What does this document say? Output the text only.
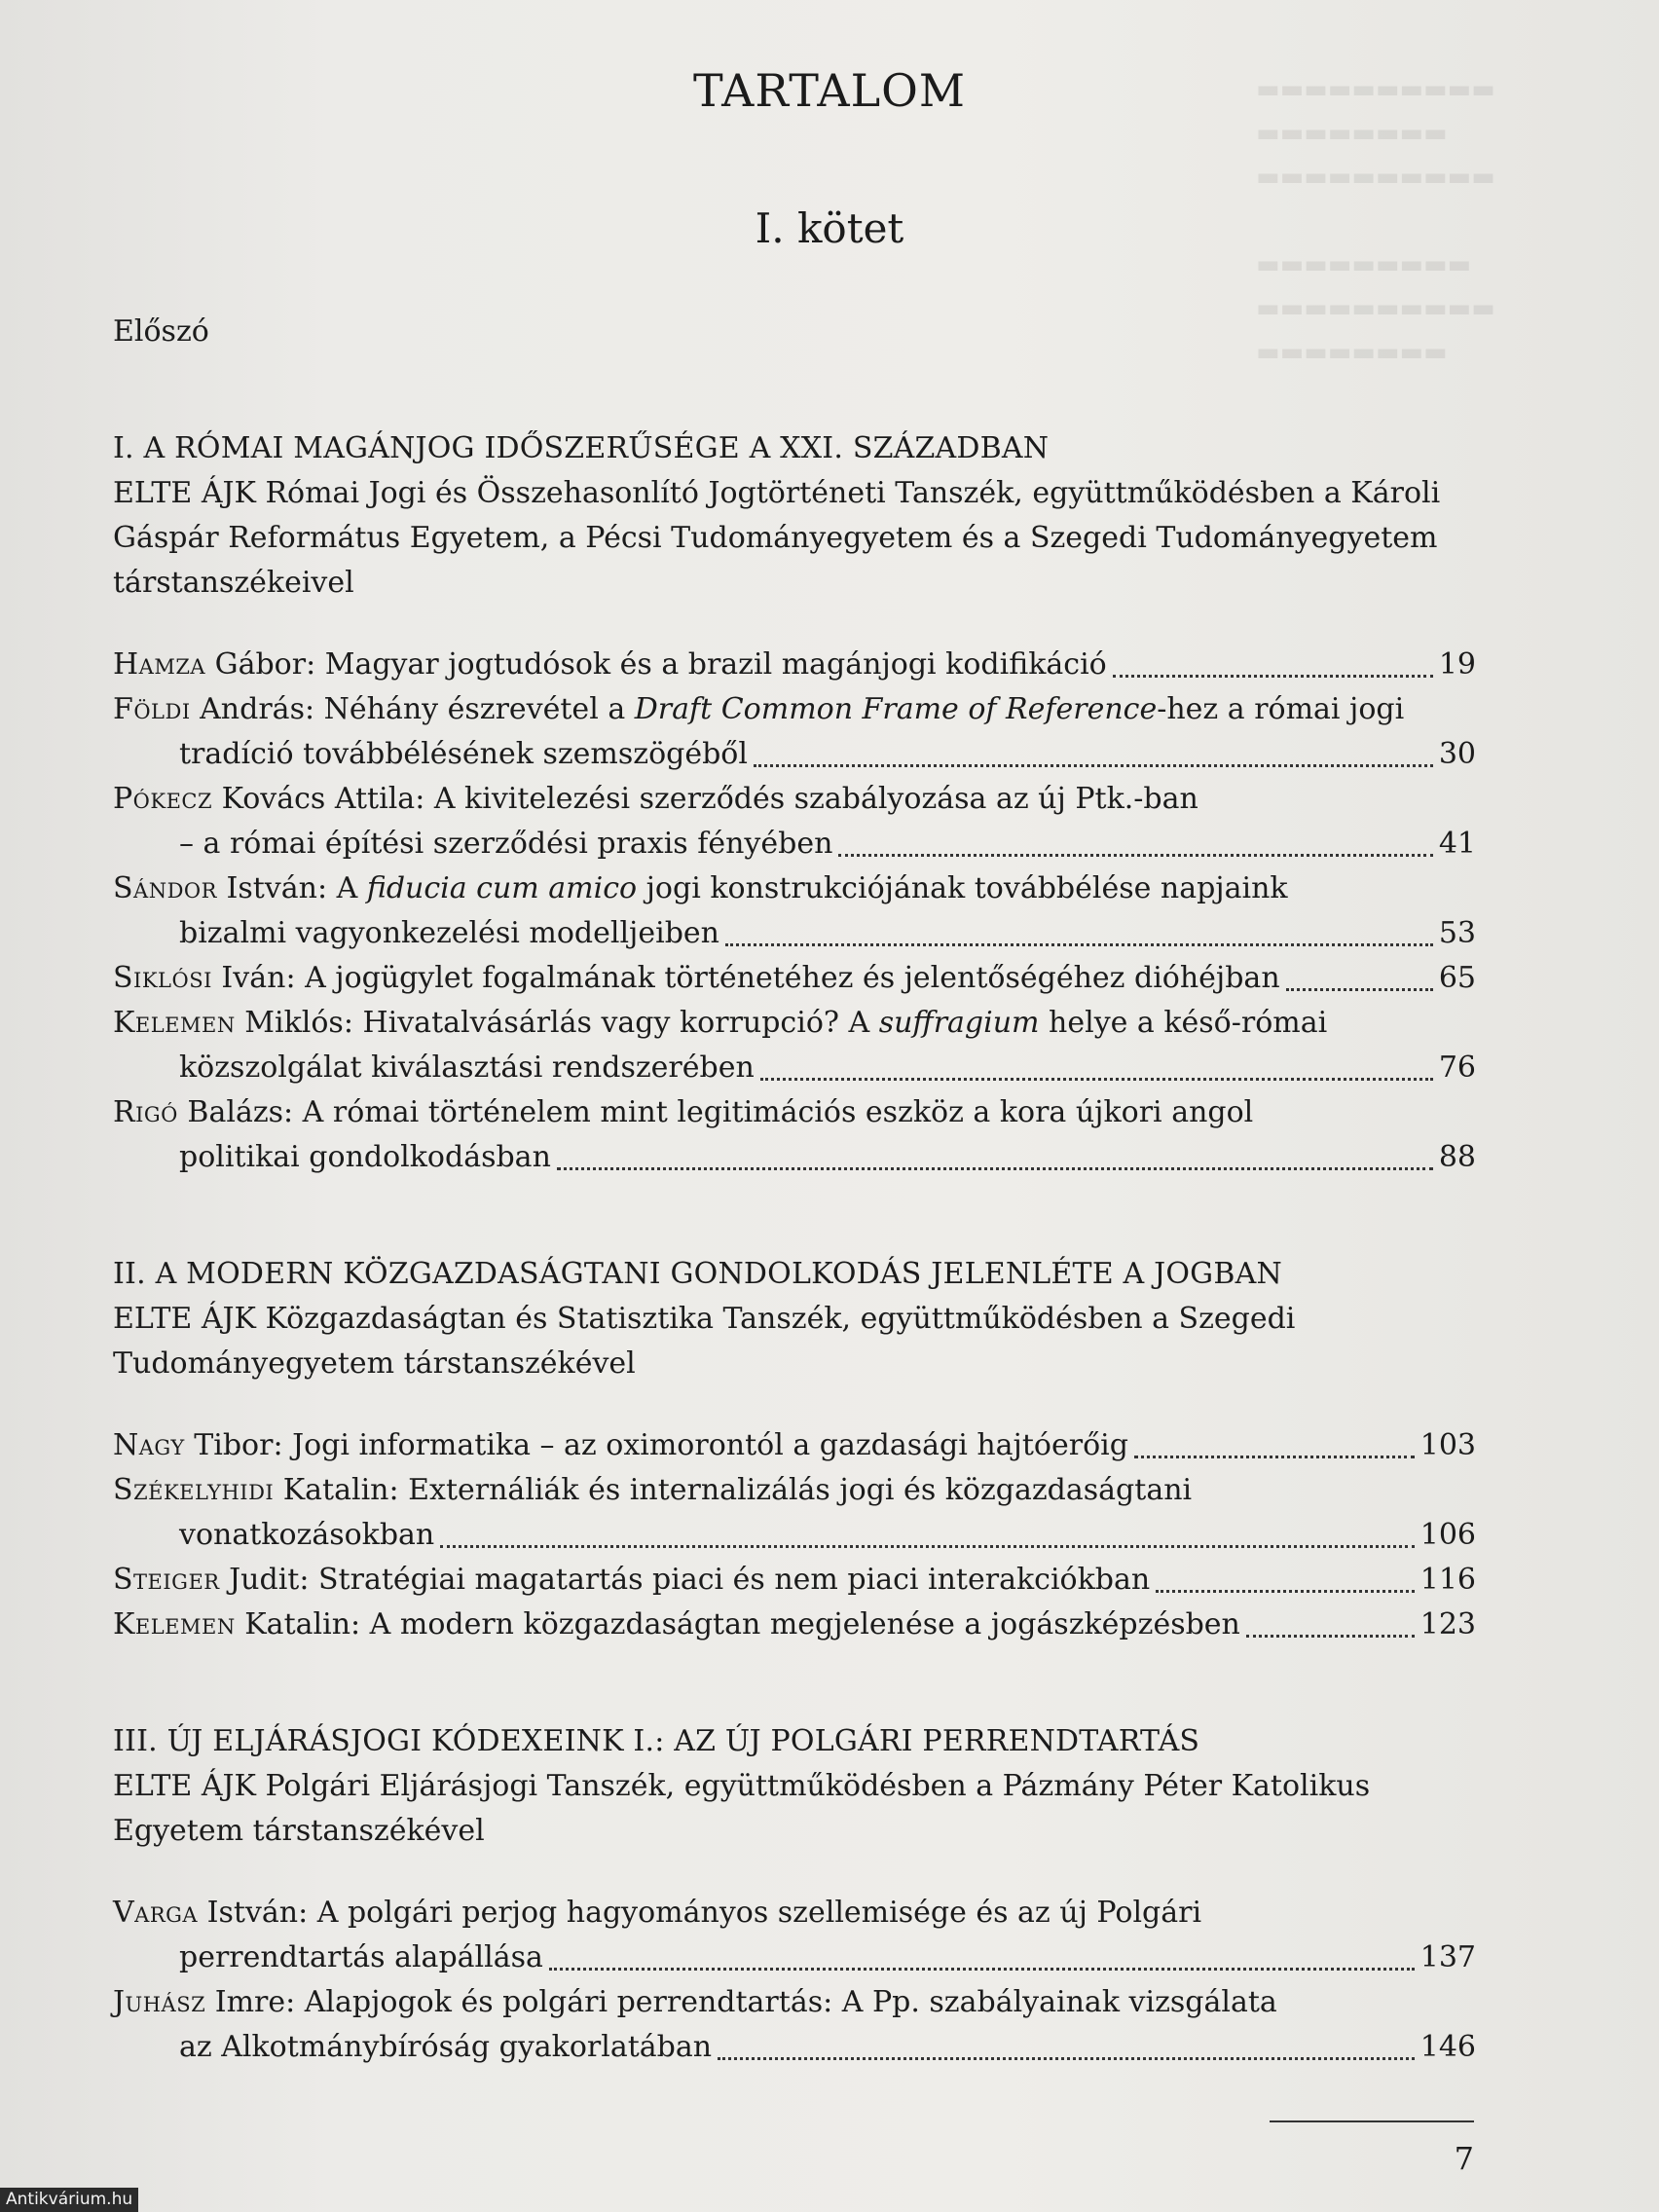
▬▬▬▬▬▬▬▬▬▬
▬▬▬▬▬▬▬▬
▬▬▬▬▬▬▬▬▬▬

▬▬▬▬▬▬▬▬▬
▬▬▬▬▬▬▬▬▬▬
▬▬▬▬▬▬▬▬
TARTALOM
I. kötet
Előszó
I. A RÓMAI MAGÁNJOG IDŐSZERŰSÉGE A XXI. SZÁZADBAN
ELTE ÁJK Római Jogi és Összehasonlító Jogtörténeti Tanszék, együttműködésben a Károli
Gáspár Református Egyetem, a Pécsi Tudományegyetem és a Szegedi Tudományegyetem
társtanszékeivel
Hamza Gábor: Magyar jogtudósok és a brazil magánjogi kodifikáció	19
Földi András: Néhány észrevétel a Draft Common Frame of Reference-hez a római jogi
tradíció továbbélésének szemszögéből	30
Pókecz Kovács Attila: A kivitelezési szerződés szabályozása az új Ptk.-ban
– a római építési szerződési praxis fényében	41
Sándor István: A fiducia cum amico jogi konstrukciójának továbbélése napjaink
bizalmi vagyonkezelési modelljeiben	53
Siklósi Iván: A jogügylet fogalmának történetéhez és jelentőségéhez dióhéjban	65
Kelemen Miklós: Hivatalvásárlás vagy korrupció? A suffragium helye a késő-római
közszolgálat kiválasztási rendszerében	76
Rigó Balázs: A római történelem mint legitimációs eszköz a kora újkori angol
politikai gondolkodásban	88
II. A MODERN KÖZGAZDASÁGTANI GONDOLKODÁS JELENLÉTE A JOGBAN
ELTE ÁJK Közgazdaságtan és Statisztika Tanszék, együttműködésben a Szegedi
Tudományegyetem társtanszékével
Nagy Tibor: Jogi informatika – az oximorontól a gazdasági hajtóerőig	103
Székelyhidi Katalin: Externáliák és internalizálás jogi és közgazdaságtani
vonatkozásokban	106
Steiger Judit: Stratégiai magatartás piaci és nem piaci interakciókban	116
Kelemen Katalin: A modern közgazdaságtan megjelenése a jogászképzésben	123
III. ÚJ ELJÁRÁSJOGI KÓDEXEINK I.: AZ ÚJ POLGÁRI PERRENDTARTÁS
ELTE ÁJK Polgári Eljárásjogi Tanszék, együttműködésben a Pázmány Péter Katolikus
Egyetem társtanszékével
Varga István: A polgári perjog hagyományos szellemisége és az új Polgári
perrendtartás alapállása	137
Juhász Imre: Alapjogok és polgári perrendtartás: A Pp. szabályainak vizsgálata
az Alkotmánybíróság gyakorlatában	146
7
Antikvárium.hu
